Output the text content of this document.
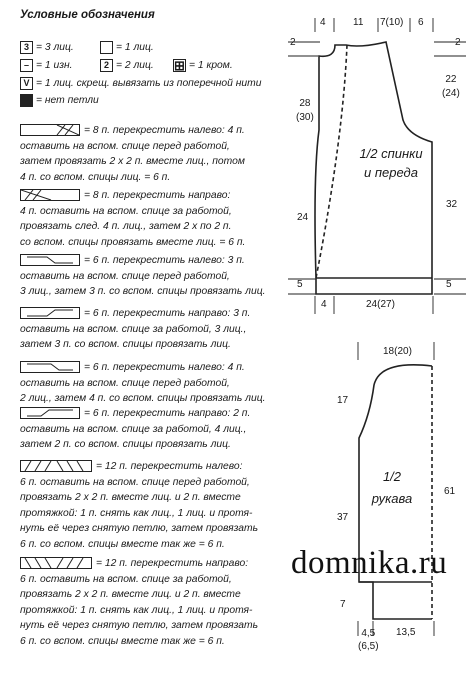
Условные обозначения
3 = 3 лиц.	= 1 лиц.
– = 1 изн.	2 = 2 лиц. ⊞ = 1 кром.
V = 1 лиц. скрещ. вывязать из поперечной нити
= нет петли
= 8 п. перекрестить налево: 4 п.
оставить на вспом. спице перед работой,
затем провязать 2 х 2 п. вместе лиц., потом
4 п. со вспом. спицы лиц. = 6 п.
= 8 п. перекрестить направо:
4 п. оставить на вспом. спице за работой,
провязать след. 4 п. лиц., затем 2 х по 2 п.
со вспом. спицы провязать вместе лиц. = 6 п.
= 6 п. перекрестить налево: 3 п.
оставить на вспом. спице перед работой,
3 лиц., затем 3 п. со вспом. спицы провязать лиц.
= 6 п. перекрестить направо: 3 п.
оставить на вспом. спице за работой, 3 лиц.,
затем 3 п. со вспом. спицы провязать лиц.
= 6 п. перекрестить налево: 4 п.
оставить на вспом. спице перед работой,
2 лиц., затем 4 п. со вспом. спицы провязать лиц.
= 6 п. перекрестить направо: 2 п.
оставить на вспом. спице за работой, 4 лиц.,
затем 2 п. со вспом. спицы провязать лиц.
= 12 п. перекрестить налево:
6 п. оставить на вспом. спице перед работой,
провязать 2 х 2 п. вместе лиц. и 2 п. вместе
протяжкой: 1 п. снять как лиц., 1 лиц. и протя-
нуть её через снятую петлю, затем провязать
6 п. со вспом. спицы вместе так же = 6 п.
= 12 п. перекрестить направо:
6 п. оставить на вспом. спице за работой,
провязать 2 х 2 п. вместе лиц. и 2 п. вместе
протяжкой: 1 п. снять как лиц., 1 лиц. и протя-
нуть её через снятую петлю, затем провязать
6 п. со вспом. спицы вместе так же = 6 п.
1/2 спинки
и переда
4	11 7(10) 6
2
28
(30)
24
5
2
22
(24)
32
5
4	24(27)
1/2
рукава
18(20)
17
37
7
61
4,5
(6,5)
13,5
domnika.ru
